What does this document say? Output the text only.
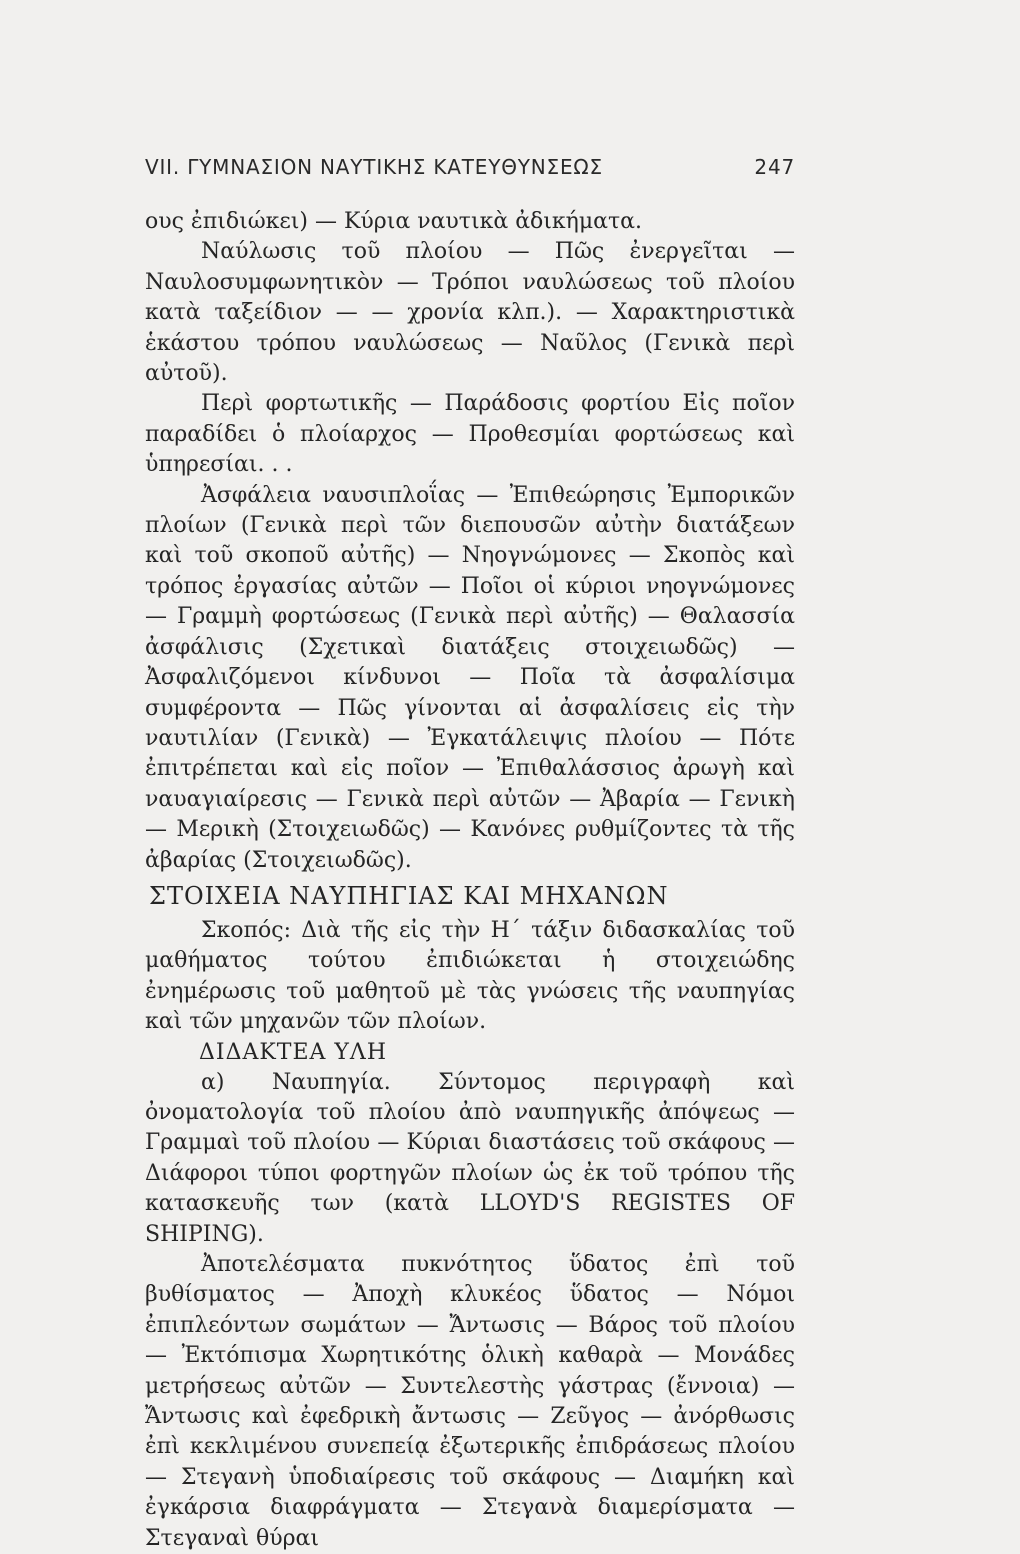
VII. ΓΥΜΝΑΣΙΟΝ ΝΑΥΤΙΚΗΣ ΚΑΤΕΥΘΥΝΣΕΩΣ	247

ους ἐπιδιώκει) — Κύρια ναυτικὰ ἀδικήματα.

Ναύλωσις τοῦ πλοίου — Πῶς ἐνεργεῖται — Ναυλοσυμφωνητικὸν — Τρόποι ναυλώσεως τοῦ πλοίου κατὰ ταξείδιον — — χρονία κλπ.). — Χαρακτηριστικὰ ἑκάστου τρόπου ναυλώσεως — Ναῦλος (Γενικὰ περὶ αὐτοῦ).

Περὶ φορτωτικῆς — Παράδοσις φορτίου Εἰς ποῖον παραδίδει ὁ πλοίαρχος — Προθεσμίαι φορτώσεως καὶ ὑπηρεσίαι. . .

Ἀσφάλεια ναυσιπλοΐας — Ἐπιθεώρησις Ἐμπορικῶν πλοίων (Γενικὰ περὶ τῶν διεπουσῶν αὐτὴν διατάξεων καὶ τοῦ σκοποῦ αὐτῆς) — Νηογνώμονες — Σκοπὸς καὶ τρόπος ἐργασίας αὐτῶν — Ποῖοι οἱ κύριοι νηογνώμονες — Γραμμὴ φορτώσεως (Γενικὰ περὶ αὐτῆς) — Θαλασσία ἀσφάλισις (Σχετικαὶ διατάξεις στοιχειωδῶς) — Ἀσφαλιζόμενοι κίνδυνοι — Ποῖα τὰ ἀσφαλίσιμα συμφέροντα — Πῶς γίνονται αἱ ἀσφαλίσεις εἰς τὴν ναυτιλίαν (Γενικὰ) — Ἐγκατάλειψις πλοίου — Πότε ἐπιτρέπεται καὶ εἰς ποῖον — Ἐπιθαλάσσιος ἀρωγὴ καὶ ναυαγιαίρεσις — Γενικὰ περὶ αὐτῶν — Ἀβαρία — Γενικὴ — Μερικὴ (Στοιχειωδῶς) — Κανόνες ρυθμίζοντες τὰ τῆς ἀβαρίας (Στοιχειωδῶς).

ΣΤΟΙΧΕΙΑ ΝΑΥΠΗΓΙΑΣ ΚΑΙ ΜΗΧΑΝΩΝ

Σκοπός: Διὰ τῆς εἰς τὴν Η΄ τάξιν διδασκαλίας τοῦ μαθήματος τούτου ἐπιδιώκεται ἡ στοιχειώδης ἐνημέρωσις τοῦ μαθητοῦ μὲ τὰς γνώσεις τῆς ναυπηγίας καὶ τῶν μηχανῶν τῶν πλοίων.

ΔΙΔΑΚΤΕΑ ΥΛΗ

α) Ναυπηγία. Σύντομος περιγραφὴ καὶ ὀνοματολογία τοῦ πλοίου ἀπὸ ναυπηγικῆς ἀπόψεως — Γραμμαὶ τοῦ πλοίου — Κύριαι διαστάσεις τοῦ σκάφους — Διάφοροι τύποι φορτηγῶν πλοίων ὡς ἐκ τοῦ τρόπου τῆς κατασκευῆς των (κατὰ LLOYD'S REGISTES OF SHIPING).

Ἀποτελέσματα πυκνότητος ὕδατος ἐπὶ τοῦ βυθίσματος — Ἀποχὴ κλυκέος ὕδατος — Νόμοι ἐπιπλεόντων σωμάτων — Ἄντωσις — Βάρος τοῦ πλοίου — Ἐκτόπισμα Χωρητικότης ὁλικὴ καθαρὰ — Μονάδες μετρήσεως αὐτῶν — Συντελεστὴς γάστρας (ἔννοια) — Ἄντωσις καὶ ἐφεδρικὴ ἄντωσις — Ζεῦγος — ἀνόρθωσις ἐπὶ κεκλιμένου συνεπείᾳ ἐξωτερικῆς ἐπιδράσεως πλοίου — Στεγανὴ ὑποδιαίρεσις τοῦ σκάφους — Διαμήκη καὶ ἐγκάρσια διαφράγματα — Στεγανὰ διαμερίσματα — Στεγαναὶ θύραι
